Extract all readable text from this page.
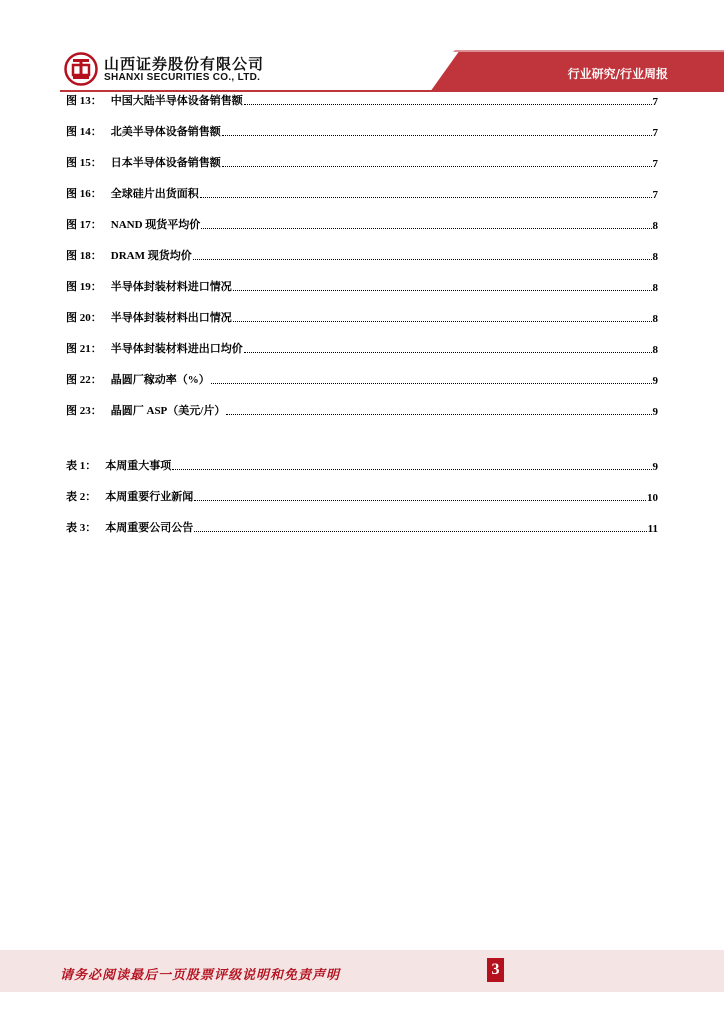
山西证券股份有限公司
SHANXI SECURITIES CO., LTD.	行业研究/行业周报
图 13： 中国大陆半导体设备销售额	7
图 14： 北美半导体设备销售额	7
图 15： 日本半导体设备销售额	7
图 16： 全球硅片出货面积	7
图 17： NAND 现货平均价	8
图 18： DRAM 现货均价	8
图 19： 半导体封装材料进口情况	8
图 20： 半导体封装材料出口情况	8
图 21： 半导体封装材料进出口均价	8
图 22： 晶圆厂稼动率（%）	9
图 23： 晶圆厂 ASP（美元/片）	9
表 1： 本周重大事项	9
表 2： 本周重要行业新闻	10
表 3： 本周重要公司公告	11
请务必阅读最后一页股票评级说明和免责声明	3
